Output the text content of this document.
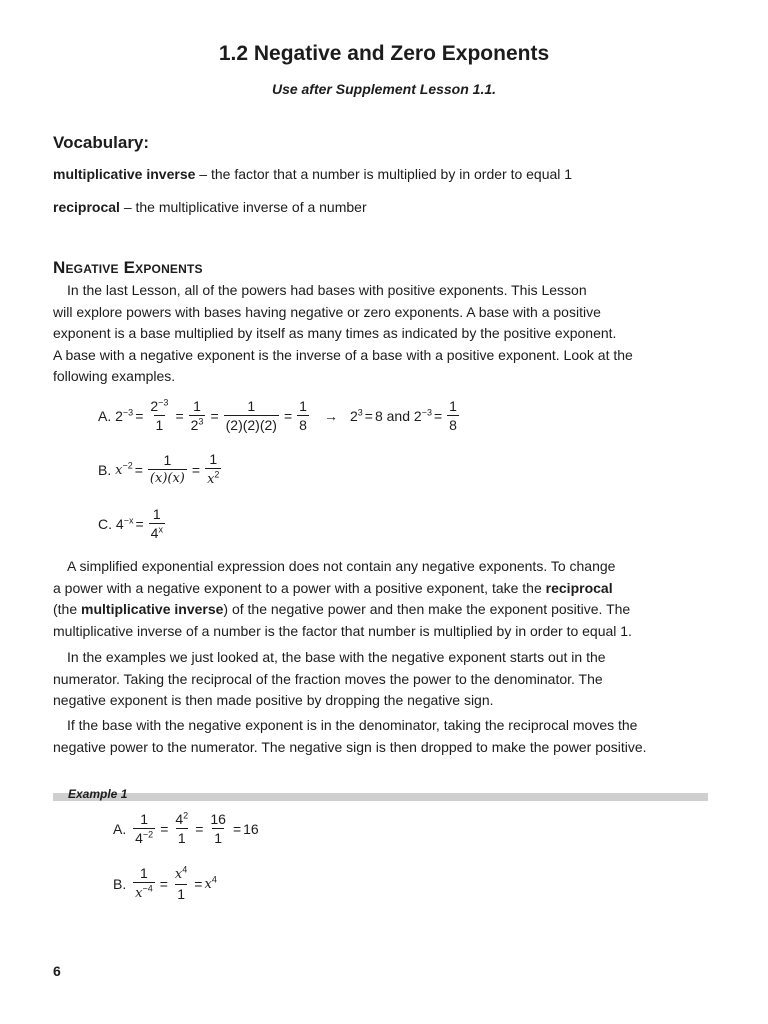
1.2 Negative and Zero Exponents
Use after Supplement Lesson 1.1.
Vocabulary:
multiplicative inverse – the factor that a number is multiplied by in order to equal 1
reciprocal – the multiplicative inverse of a number
Negative Exponents
In the last Lesson, all of the powers had bases with positive exponents. This Lesson
will explore powers with bases having negative or zero exponents. A base with a positive
exponent is a base multiplied by itself as many times as indicated by the positive exponent.
A base with a negative exponent is the inverse of a base with a positive exponent. Look at the
following examples.
A.
$2^{-3} = \frac{2^{-3}}{1} = \frac{1}{2^3} = \frac{1}{(2)(2)(2)} = \frac{1}{8} \to 2^3 = 8$ and $2^{-3} = \frac{1}{8}$
B.
$x^{-2} = \frac{1}{(x)(x)} = \frac{1}{x^2}$
C.
$4^{-x} = \frac{1}{4^x}$
A simplified exponential expression does not contain any negative exponents. To change
a power with a negative exponent to a power with a positive exponent, take the reciprocal
(the multiplicative inverse) of the negative power and then make the exponent positive. The
multiplicative inverse of a number is the factor that number is multiplied by in order to equal 1.
In the examples we just looked at, the base with the negative exponent starts out in the
numerator. Taking the reciprocal of the fraction moves the power to the denominator. The
negative exponent is then made positive by dropping the negative sign.
If the base with the negative exponent is in the denominator, taking the reciprocal moves the
negative power to the numerator. The negative sign is then dropped to make the power positive.
Example 1
A.
$\frac{1}{4^{-2}} = \frac{4^2}{1} = \frac{16}{1} = 16$
B.
$\frac{1}{x^{-4}} = \frac{x^4}{1} = x^4$
6
